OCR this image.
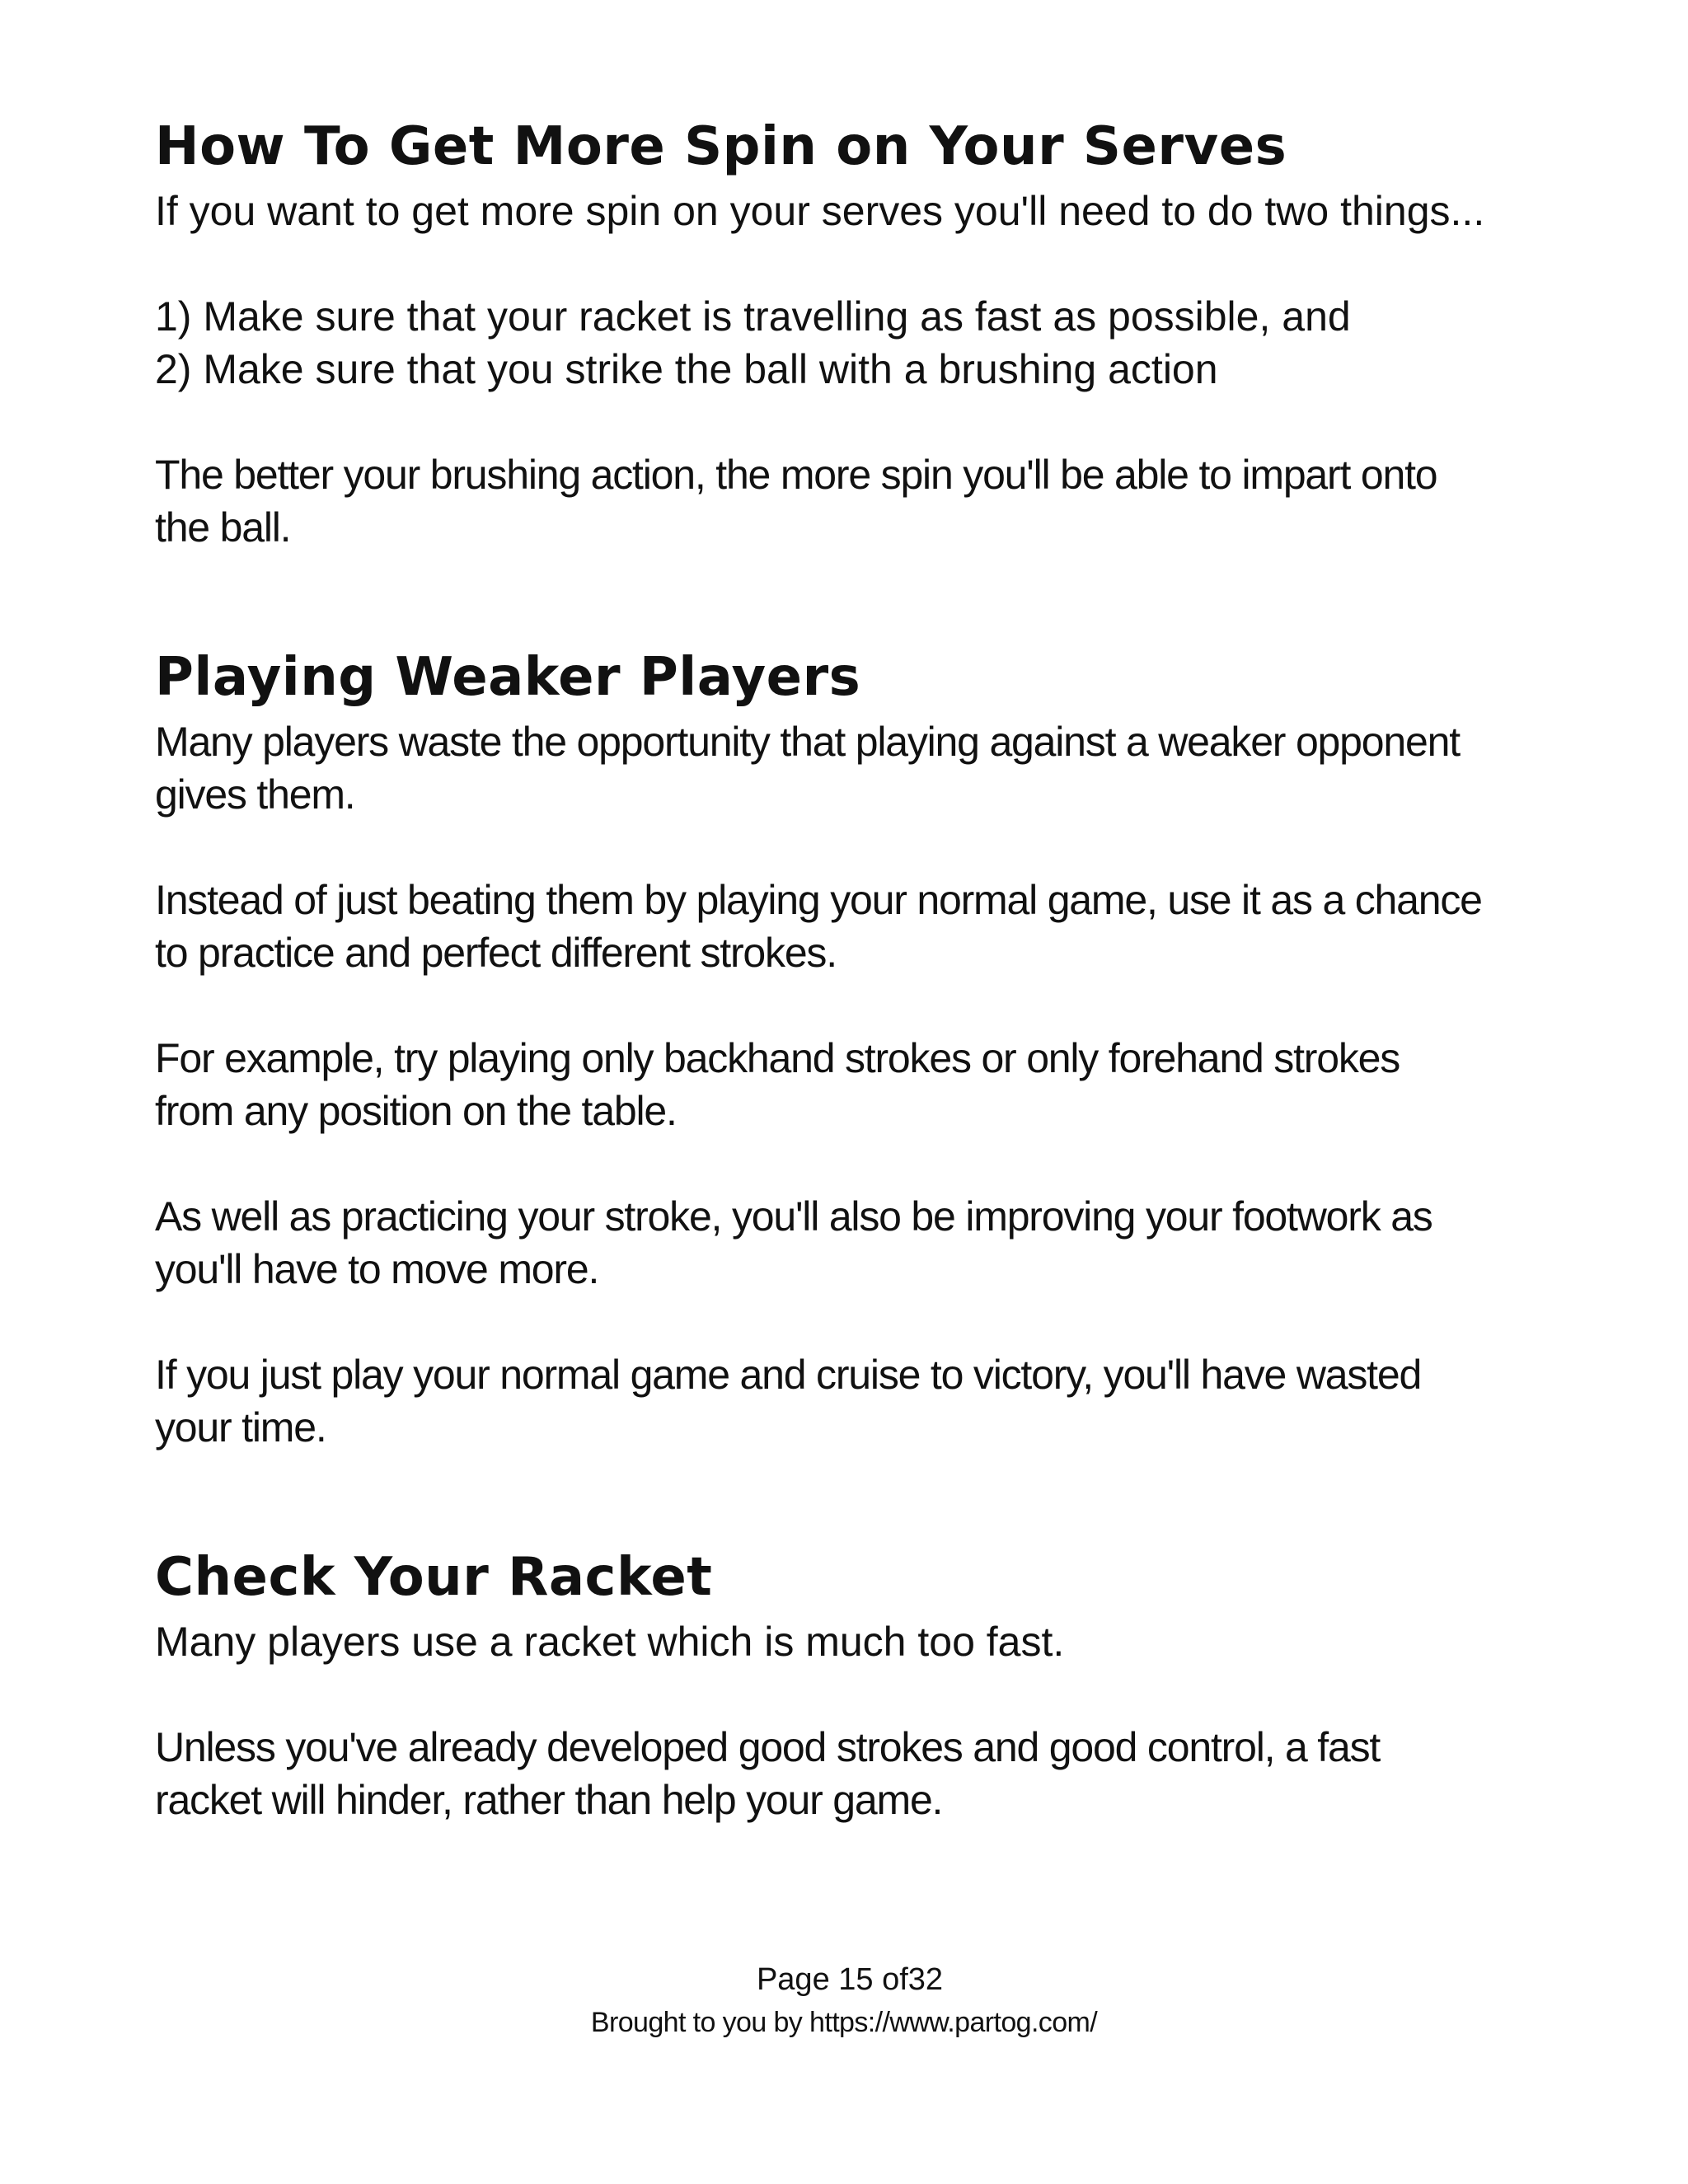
How To Get More Spin on Your Serves

If you want to get more spin on your serves you'll need to do two things...

1) Make sure that your racket is travelling as fast as possible, and
2) Make sure that you strike the ball with a brushing action

The better your brushing action, the more spin you'll be able to impart onto
the ball.

Playing Weaker Players

Many players waste the opportunity that playing against a weaker opponent
gives them.

Instead of just beating them by playing your normal game, use it as a chance
to practice and perfect different strokes.

For example, try playing only backhand strokes or only forehand strokes
from any position on the table.

As well as practicing your stroke, you'll also be improving your footwork as
you'll have to move more.

If you just play your normal game and cruise to victory, you'll have wasted
your time.

Check Your Racket

Many players use a racket which is much too fast.

Unless you've already developed good strokes and good control, a fast
racket will hinder, rather than help your game.

Page 15 of32
Brought to you by https://www.partog.com/
